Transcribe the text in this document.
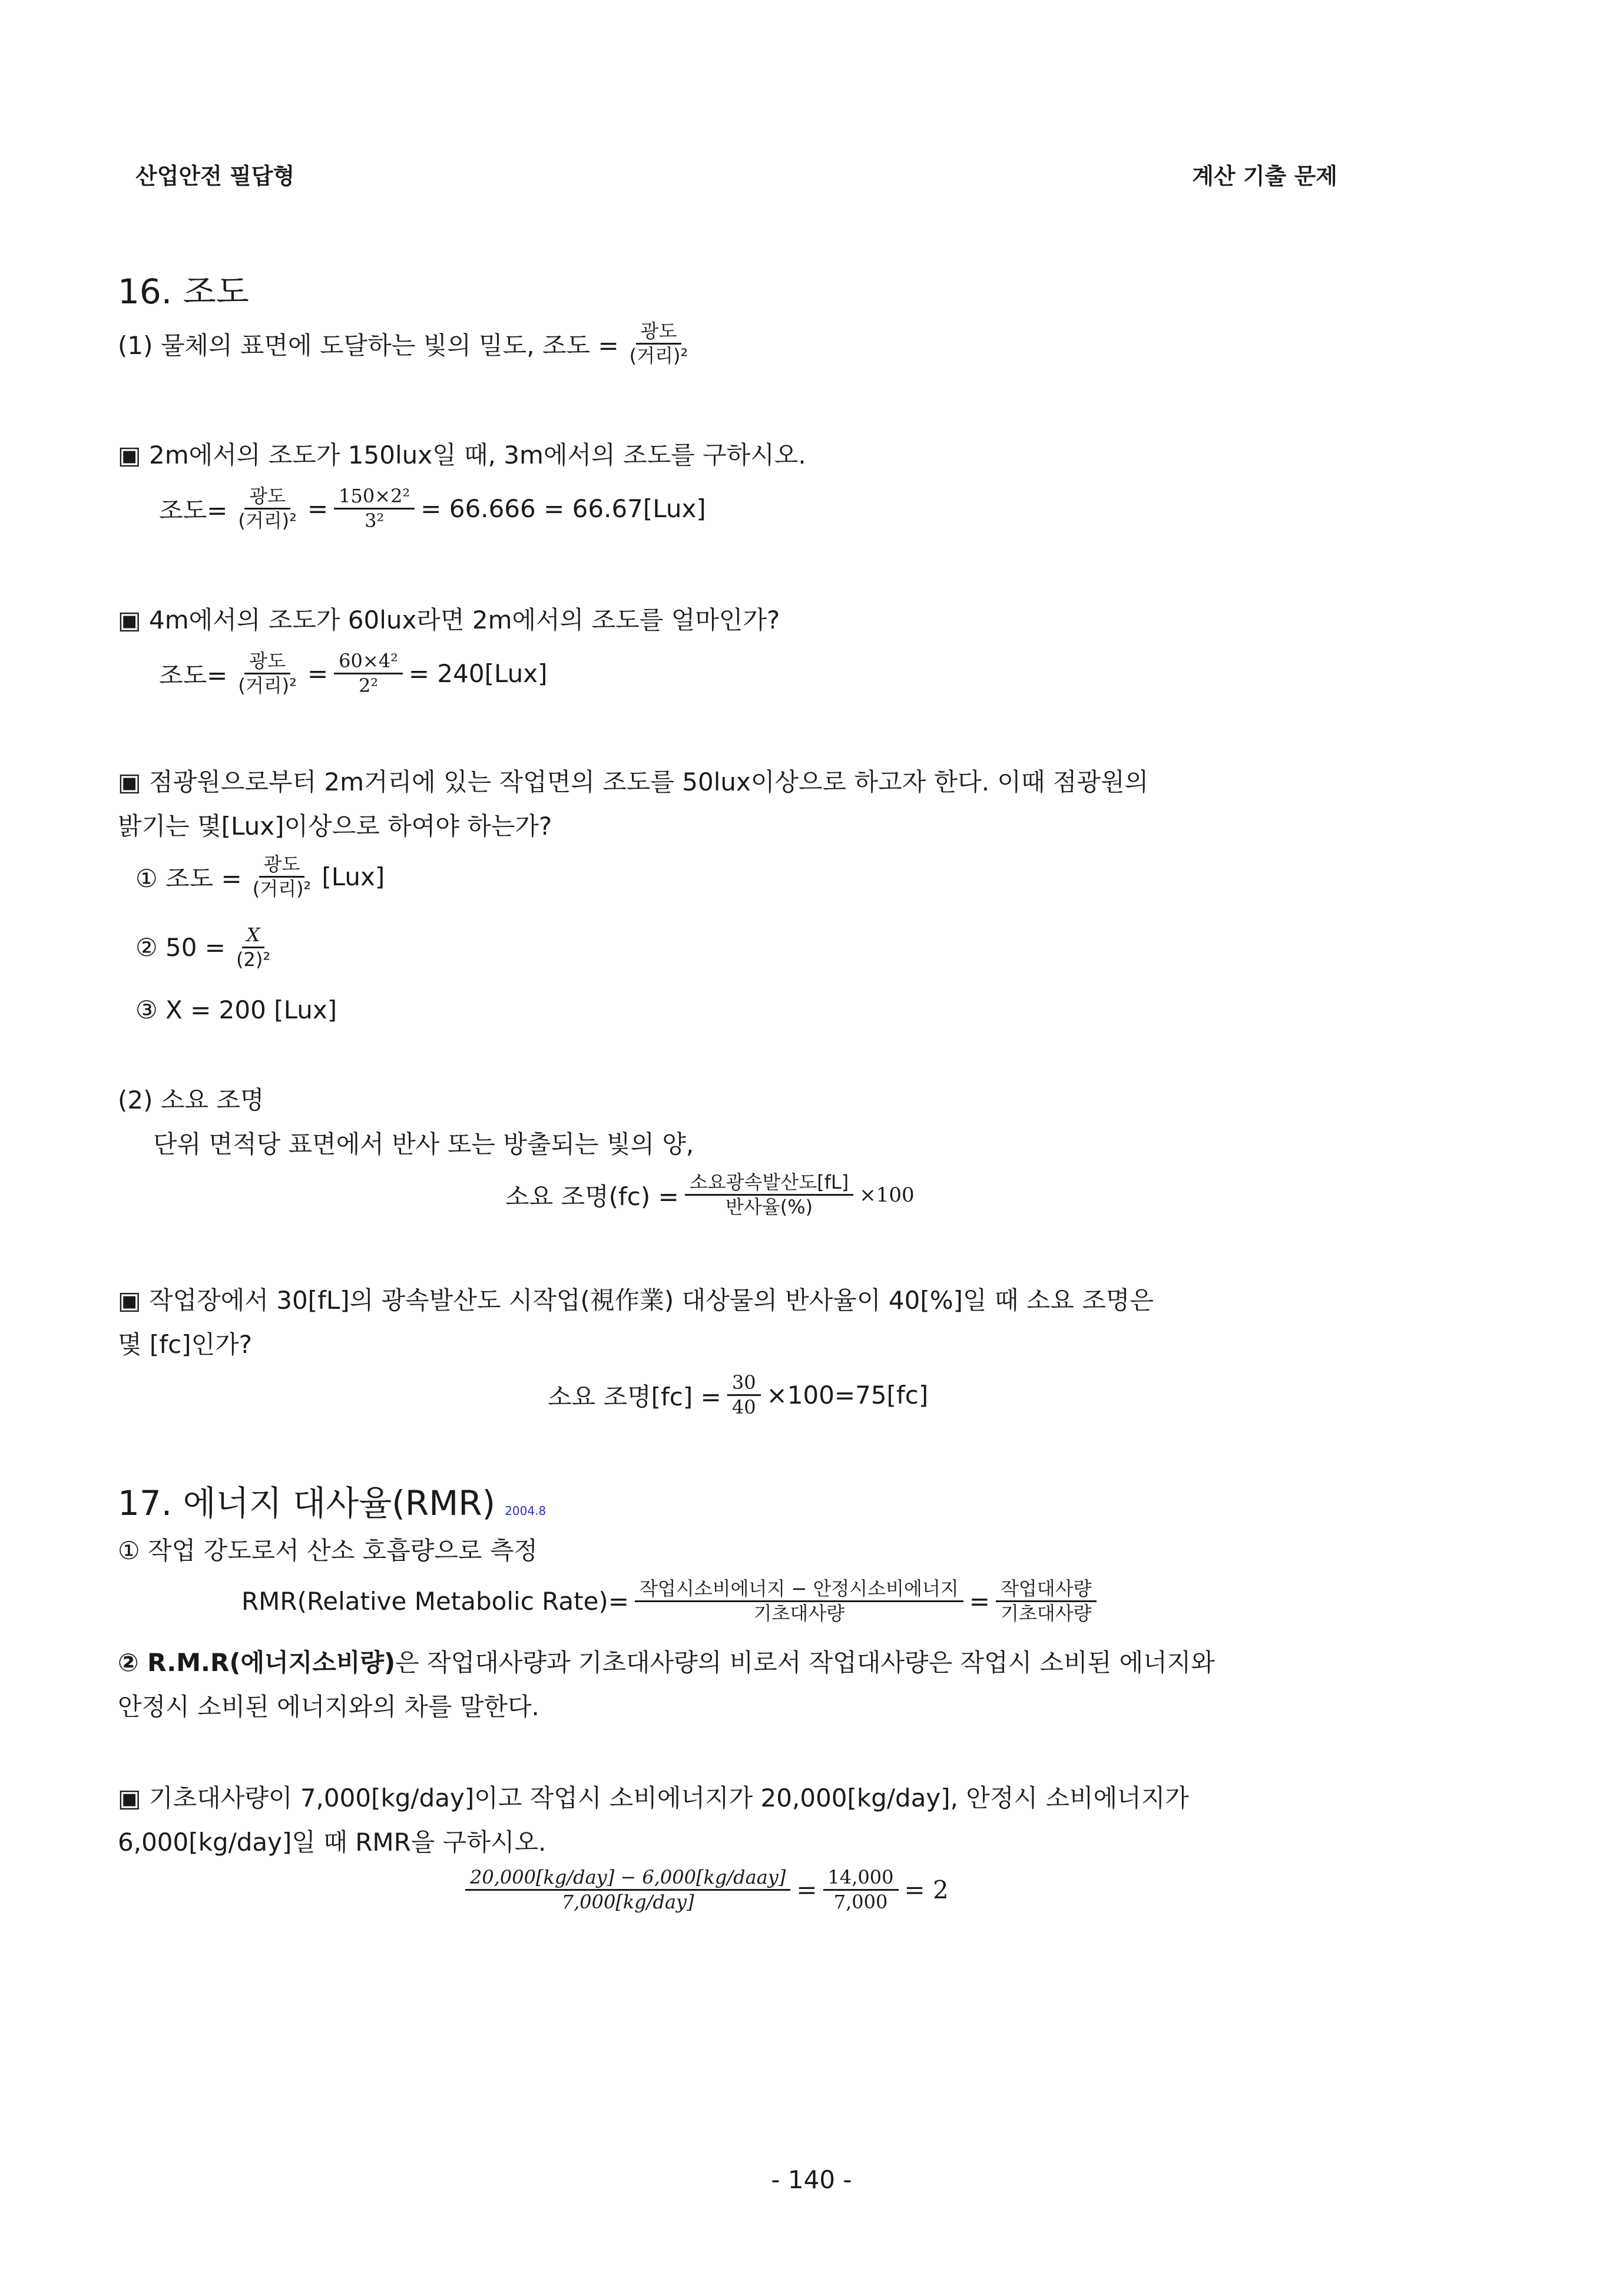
산업안전 필답형	계산 기출 문제
16. 조도
(1) 물체의 표면에 도달하는 빛의 밀도, 조도 = $\frac{\text{광도}}{\text{(거리)²}}$
▣ 2m에서의 조도가 150lux일 때, 3m에서의 조도를 구하시오.
조도= $\frac{\text{광도}}{\text{(거리)²}} = \frac{\text{150×2²}}{\text{3²}} = 66.666 = 66.67[Lux]$
▣ 4m에서의 조도가 60lux라면 2m에서의 조도를 얼마인가?
조도= $\frac{\text{광도}}{\text{(거리)²}} = \frac{\text{60×4²}}{\text{2²}} = 240[Lux]$
▣ 점광원으로부터 2m거리에 있는 작업면의 조도를 50lux이상으로 하고자 한다. 이때 점광원의
밝기는 몇[Lux]이상으로 하여야 하는가?
① 조도 = $\frac{\text{광도}}{\text{(거리)²}} [Lux]$
② $50 = \frac{X}{\text{(2)²}}$
③ X = 200 [Lux]
(2) 소요 조명
단위 면적당 표면에서 반사 또는 방출되는 빛의 양,
소요 조명$(fc) = \frac{\text{소요광속발산도[fL]}}{\text{반사율(\%)}} \times 100$
▣ 작업장에서 30[fL]의 광속발산도 시작업(視作業) 대상물의 반사율이 40[%]일 때 소요 조명은
몇 [fc]인가?
소요 조명$[fc] = \frac{30}{40} \times 100=75[fc]$
17. 에너지 대사율(RMR) 2004.8
① 작업 강도로서 산소 호흡량으로 측정
RMR(Relative Metabolic Rate)= $\frac{\text{작업시소비에너지 − 안정시소비에너지}}{\text{기초대사량}} = \frac{\text{작업대사량}}{\text{기초대사량}}$
② R.M.R(에너지소비량)은 작업대사량과 기초대사량의 비로서 작업대사량은 작업시 소비된 에너지와
안정시 소비된 에너지와의 차를 말한다.
▣ 기초대사량이 7,000[kg/day]이고 작업시 소비에너지가 20,000[kg/day], 안정시 소비에너지가
6,000[kg/day]일 때 RMR을 구하시오.
$\frac{\text{20,000[kg/day] − 6,000[kg/daay]}}{\text{7,000[kg/day]}} = \frac{14,000}{7,000} = 2$
- 140 -
